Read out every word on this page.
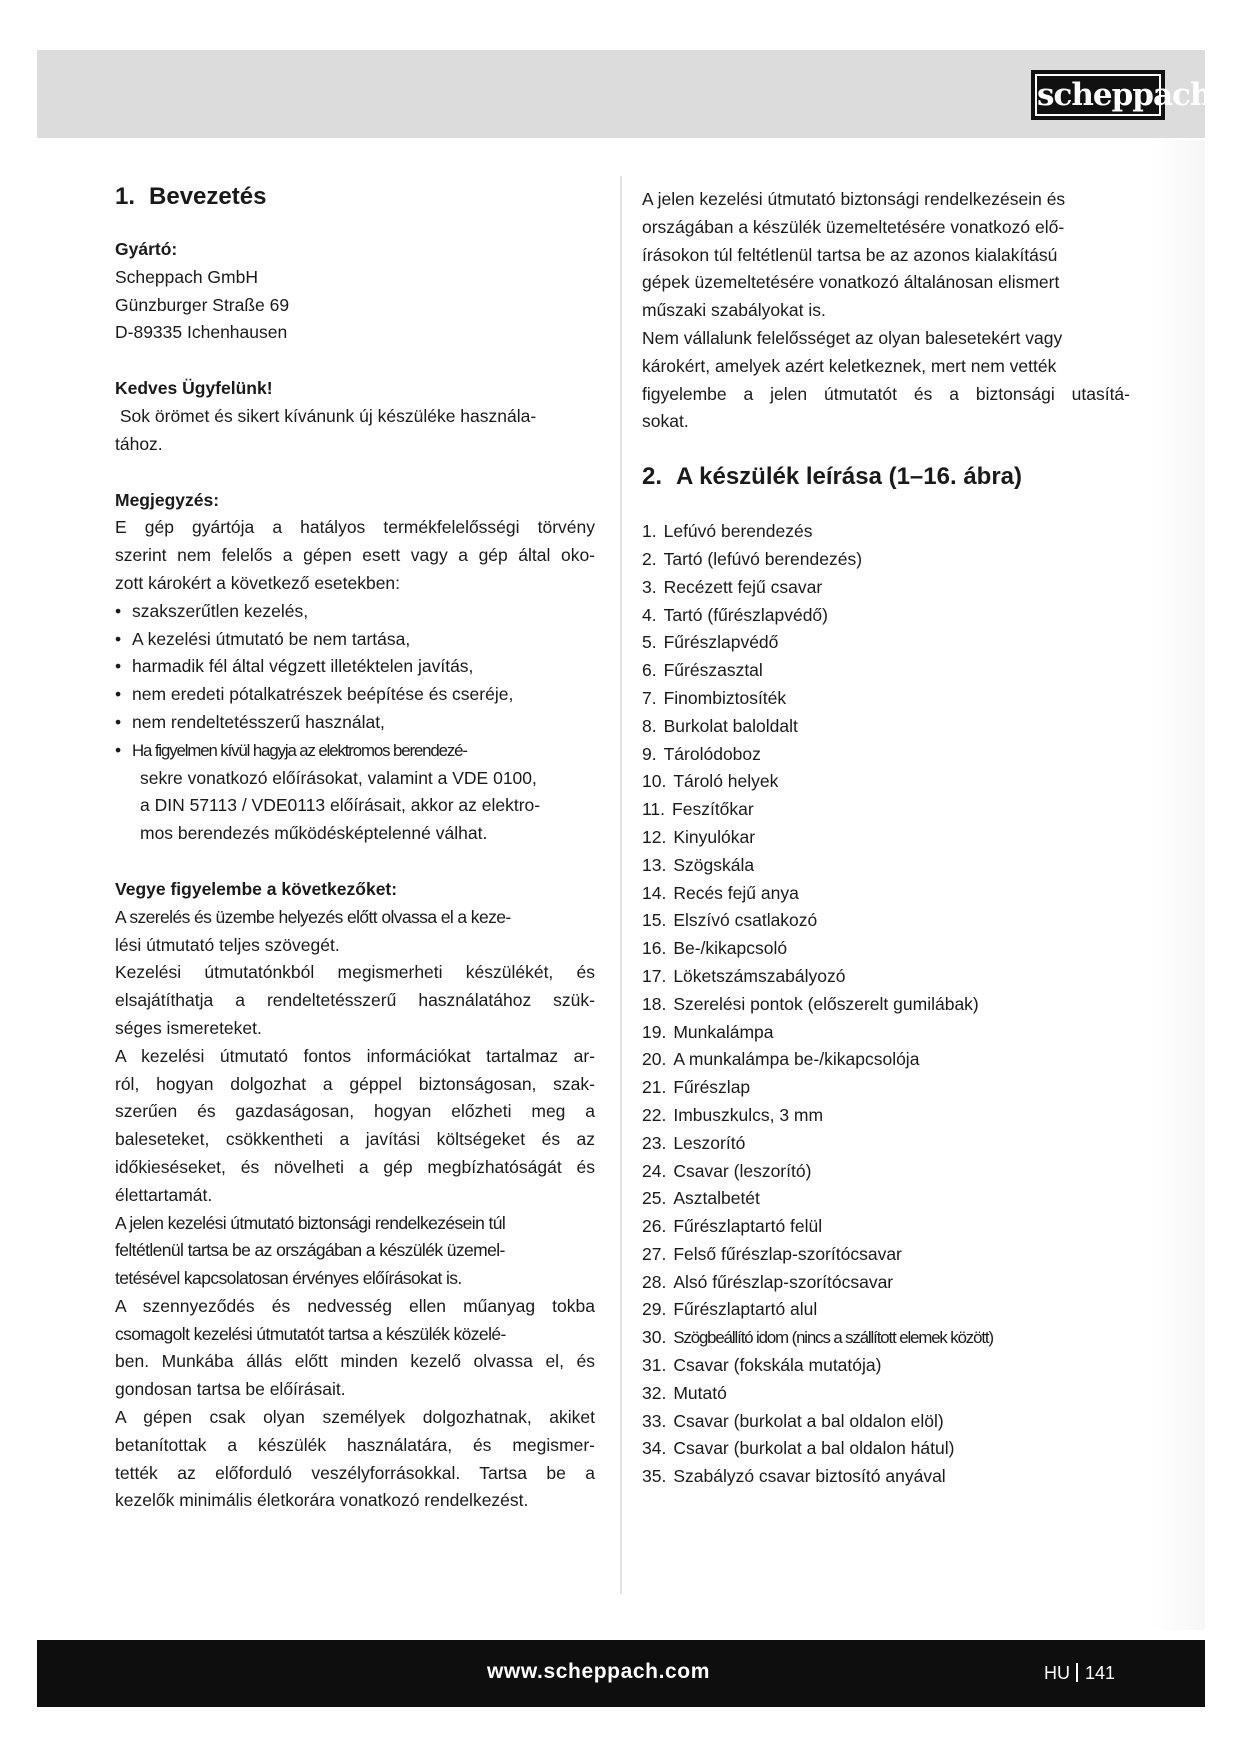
scheppach
1. Bevezetés
Gyártó:
Scheppach GmbH
Günzburger Straße 69
D-89335 Ichenhausen
Kedves Ügyfelünk!
Sok örömet és sikert kívánunk új készüléke használa-
tához.
Megjegyzés:
E gép gyártója a hatályos termékfelelősségi törvény
szerint nem felelős a gépen esett vagy a gép által oko-
zott károkért a következő esetekben:
• szakszerűtlen kezelés,
• A kezelési útmutató be nem tartása,
• harmadik fél által végzett illetéktelen javítás,
• nem eredeti pótalkatrészek beépítése és cseréje,
• nem rendeltetésszerű használat,
• Ha figyelmen kívül hagyja az elektromos berendezé-
sekre vonatkozó előírásokat, valamint a VDE 0100,
a DIN 57113 / VDE0113 előírásait, akkor az elektro-
mos berendezés működésképtelenné válhat.
Vegye figyelembe a következőket:
A szerelés és üzembe helyezés előtt olvassa el a keze-
lési útmutató teljes szövegét.
Kezelési útmutatónkból megismerheti készülékét, és
elsajátíthatja a rendeltetésszerű használatához szük-
séges ismereteket.
A kezelési útmutató fontos információkat tartalmaz ar-
ról, hogyan dolgozhat a géppel biztonságosan, szak-
szerűen és gazdaságosan, hogyan előzheti meg a
baleseteket, csökkentheti a javítási költségeket és az
időkieséseket, és növelheti a gép megbízhatóságát és
élettartamát.
A jelen kezelési útmutató biztonsági rendelkezésein túl
feltétlenül tartsa be az országában a készülék üzemel-
tetésével kapcsolatosan érvényes előírásokat is.
A szennyeződés és nedvesség ellen műanyag tokba
csomagolt kezelési útmutatót tartsa a készülék közelé-
ben. Munkába állás előtt minden kezelő olvassa el, és
gondosan tartsa be előírásait.
A gépen csak olyan személyek dolgozhatnak, akiket
betanítottak a készülék használatára, és megismer-
tették az előforduló veszélyforrásokkal. Tartsa be a
kezelők minimális életkorára vonatkozó rendelkezést.
A jelen kezelési útmutató biztonsági rendelkezésein és
országában a készülék üzemeltetésére vonatkozó elő-
írásokon túl feltétlenül tartsa be az azonos kialakítású
gépek üzemeltetésére vonatkozó általánosan elismert
műszaki szabályokat is.
Nem vállalunk felelősséget az olyan balesetekért vagy
károkért, amelyek azért keletkeznek, mert nem vették
figyelembe a jelen útmutatót és a biztonsági utasítá-
sokat.
2. A készülék leírása (1–16. ábra)
1. Lefúvó berendezés
2. Tartó (lefúvó berendezés)
3. Recézett fejű csavar
4. Tartó (fűrészlapvédő)
5. Fűrészlapvédő
6. Fűrészasztal
7. Finombiztosíték
8. Burkolat baloldalt
9. Tárolódoboz
10. Tároló helyek
11. Feszítőkar
12. Kinyulókar
13. Szögskála
14. Recés fejű anya
15. Elszívó csatlakozó
16. Be-/kikapcsoló
17. Löketszámszabályozó
18. Szerelési pontok (előszerelt gumilábak)
19. Munkalámpa
20. A munkalámpa be-/kikapcsolója
21. Fűrészlap
22. Imbuszkulcs, 3 mm
23. Leszorító
24. Csavar (leszorító)
25. Asztalbetét
26. Fűrészlaptartó felül
27. Felső fűrészlap-szorítócsavar
28. Alsó fűrészlap-szorítócsavar
29. Fűrészlaptartó alul
30. Szögbeállító idom (nincs a szállított elemek között)
31. Csavar (fokskála mutatója)
32. Mutató
33. Csavar (burkolat a bal oldalon elöl)
34. Csavar (burkolat a bal oldalon hátul)
35. Szabályzó csavar biztosító anyával
www.scheppach.com	HU 141
